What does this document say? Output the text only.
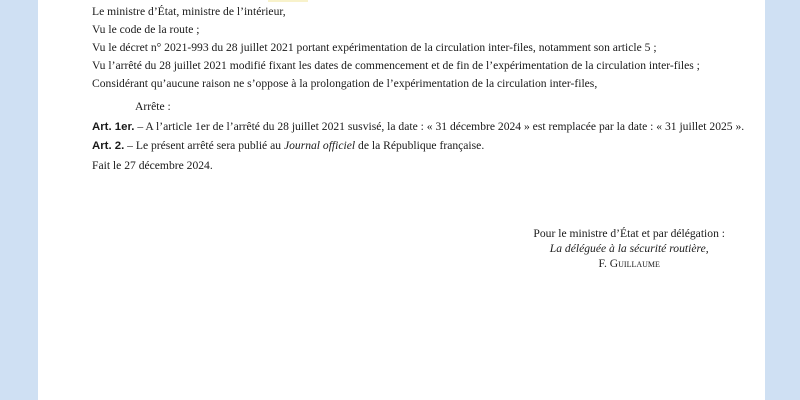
Le ministre d’État, ministre de l’intérieur,

Vu le code de la route ;

Vu le décret n° 2021-993 du 28 juillet 2021 portant expérimentation de la circulation inter-files, notamment son article 5 ;

Vu l’arrêté du 28 juillet 2021 modifié fixant les dates de commencement et de fin de l’expérimentation de la circulation inter-files ;

Considérant qu’aucune raison ne s’oppose à la prolongation de l’expérimentation de la circulation inter-files,

Arrête :

Art. 1er. – A l’article 1er de l’arrêté du 28 juillet 2021 susvisé, la date : « 31 décembre 2024 » est remplacée par la date : « 31 juillet 2025 ».

Art. 2. – Le présent arrêté sera publié au Journal officiel de la République française.

Fait le 27 décembre 2024.

Pour le ministre d’État et par délégation :
La déléguée à la sécurité routière,
F. Guillaume
